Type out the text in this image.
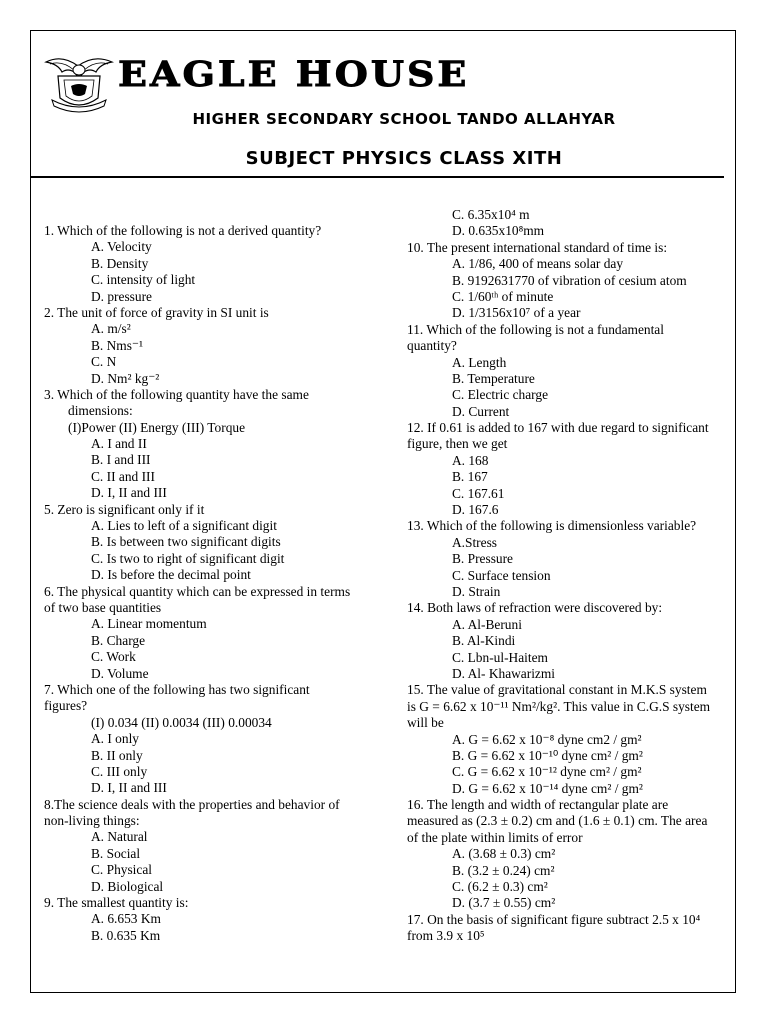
EAGLE HOUSE
HIGHER SECONDARY SCHOOL TANDO ALLAHYAR
SUBJECT PHYSICS CLASS XITH
1. Which of the following is not a derived quantity?
A. Velocity
B. Density
C. intensity of light
D. pressure
2. The unit of force of gravity in SI unit is
A. m/s²
B. Nms⁻¹
C. N
D. Nm² kg⁻²
3. Which of the following quantity have the same
dimensions:
(I)Power (II) Energy (III) Torque
A. I and II
B. I and III
C. II and III
D. I, II and III
5. Zero is significant only if it
A. Lies to left of a significant digit
B. Is between two significant digits
C. Is two to right of significant digit
D. Is before the decimal point
6. The physical quantity which can be expressed in terms
of two base quantities
A. Linear momentum
B. Charge
C. Work
D. Volume
7. Which one of the following has two significant
figures?
(I) 0.034 (II) 0.0034 (III) 0.00034
A. I only
B. II only
C. III only
D. I, II and III
8.The science deals with the properties and behavior of
non-living things:
A. Natural
B. Social
C. Physical
D. Biological
9. The smallest quantity is:
A. 6.653 Km
B. 0.635 Km
C. 6.35x10⁴ m
D. 0.635x10⁸mm
10. The present international standard of time is:
A. 1/86, 400 of means solar day
B. 9192631770 of vibration of cesium atom
C. 1/60ᵗʰ of minute
D. 1/3156x10⁷ of a year
11. Which of the following is not a fundamental
quantity?
A. Length
B. Temperature
C. Electric charge
D. Current
12. If 0.61 is added to 167 with due regard to significant
figure, then we get
A. 168
B. 167
C. 167.61
D. 167.6
13. Which of the following is dimensionless variable?
A.Stress
B. Pressure
C. Surface tension
D. Strain
14. Both laws of refraction were discovered by:
A. Al-Beruni
B. Al-Kindi
C. Lbn-ul-Haitem
D. Al- Khawarizmi
15. The value of gravitational constant in M.K.S system
is G = 6.62 x 10⁻¹¹ Nm²/kg². This value in C.G.S system
will be
A. G = 6.62 x 10⁻⁸ dyne cm2 / gm²
B. G = 6.62 x 10⁻¹⁰ dyne cm² / gm²
C. G = 6.62 x 10⁻¹² dyne cm² / gm²
D. G = 6.62 x 10⁻¹⁴ dyne cm² / gm²
16. The length and width of rectangular plate are
measured as (2.3 ± 0.2) cm and (1.6 ± 0.1) cm. The area
of the plate within limits of error
A. (3.68 ± 0.3) cm²
B. (3.2 ± 0.24) cm²
C. (6.2 ± 0.3) cm²
D. (3.7 ± 0.55) cm²
17. On the basis of significant figure subtract 2.5 x 10⁴
from 3.9 x 10⁵
